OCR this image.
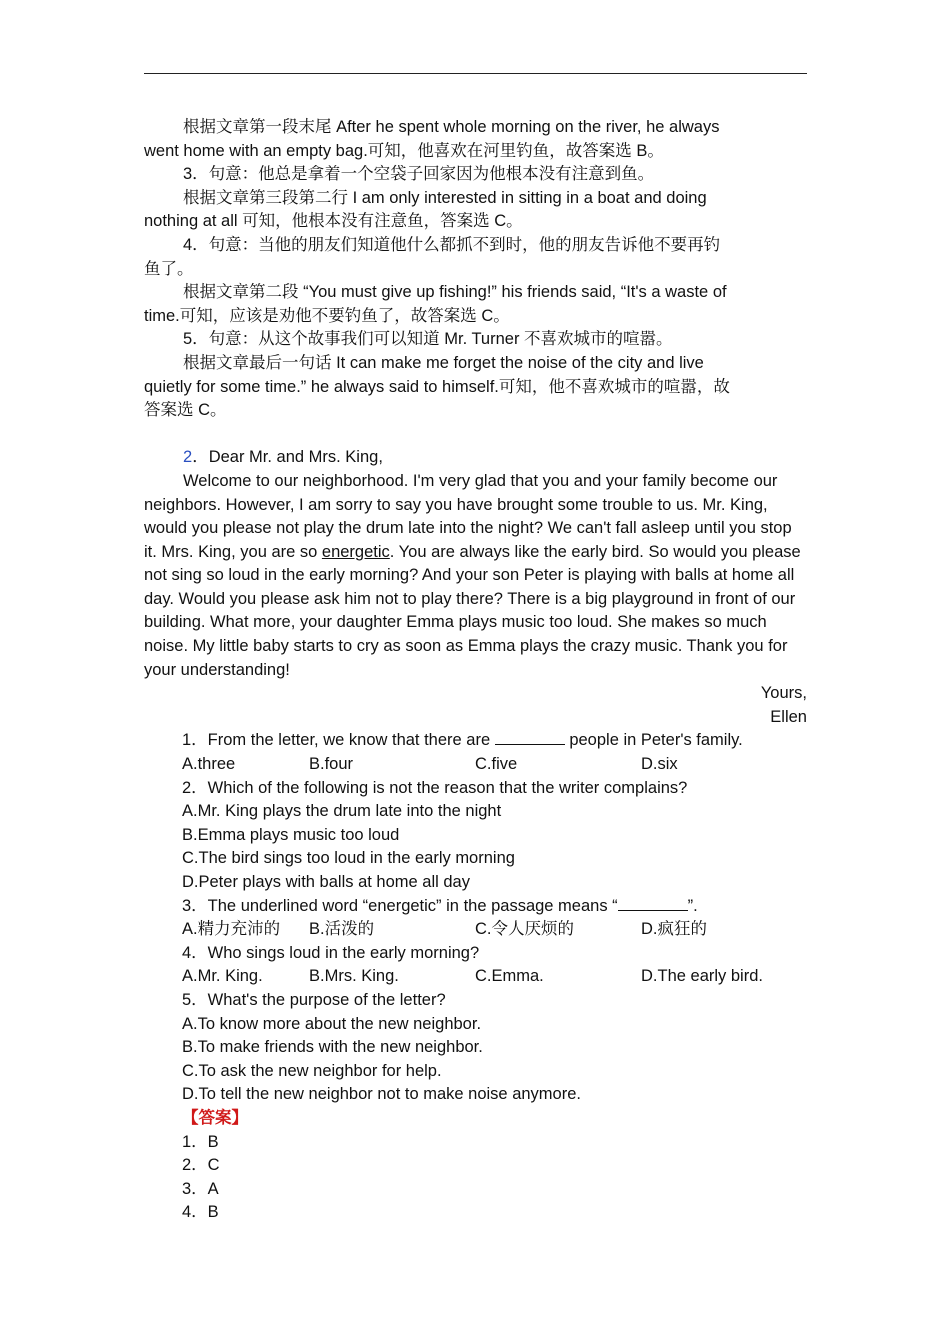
根据文章第一段末尾 After he spent whole morning on the river, he always

went home with an empty bag.可知，他喜欢在河里钓鱼，故答案选 B。

3．句意：他总是拿着一个空袋子回家因为他根本没有注意到鱼。

根据文章第三段第二行 I am only interested in sitting in a boat and doing

nothing at all 可知，他根本没有注意鱼，答案选 C。

4．句意：当他的朋友们知道他什么都抓不到时，他的朋友告诉他不要再钓

鱼了。

根据文章第二段 “You must give up fishing!” his friends said, “It's a waste of

time.可知，应该是劝他不要钓鱼了，故答案选 C。

5．句意：从这个故事我们可以知道 Mr. Turner 不喜欢城市的喧嚣。

根据文章最后一句话 It can make me forget the noise of the city and live

quietly for some time.” he always said to himself.可知，他不喜欢城市的喧嚣，故

答案选 C。

2．Dear Mr. and Mrs. King,

Welcome to our neighborhood. I'm very glad that you and your family become our neighbors. However, I am sorry to say you have brought some trouble to us. Mr. King, would you please not play the drum late into the night? We can't fall asleep until you stop it. Mrs. King, you are so energetic. You are always like the early bird. So would you please not sing so loud in the early morning? And your son Peter is playing with balls at home all day. Would you please ask him not to play there? There is a big playground in front of our building. What more, your daughter Emma plays music too loud. She makes so much noise. My little baby starts to cry as soon as Emma plays the crazy music. Thank you for your understanding!

Yours,

Ellen

1．From the letter, we know that there are	people in Peter's family.

A.three	B.four	C.five	D.six

2．Which of the following is not the reason that the writer complains?

A.Mr. King plays the drum late into the night

B.Emma plays music too loud

C.The bird sings too loud in the early morning

D.Peter plays with balls at home all day

3．The underlined word “energetic” in the passage means “	”.

A.精力充沛的	B.活泼的	C.令人厌烦的	D.疯狂的

4．Who sings loud in the early morning?

A.Mr. King.	B.Mrs. King.	C.Emma.	D.The early bird.

5．What's the purpose of the letter?

A.To know more about the new neighbor.

B.To make friends with the new neighbor.

C.To ask the new neighbor for help.

D.To tell the new neighbor not to make noise anymore.

【答案】

1．B

2．C

3．A

4．B
